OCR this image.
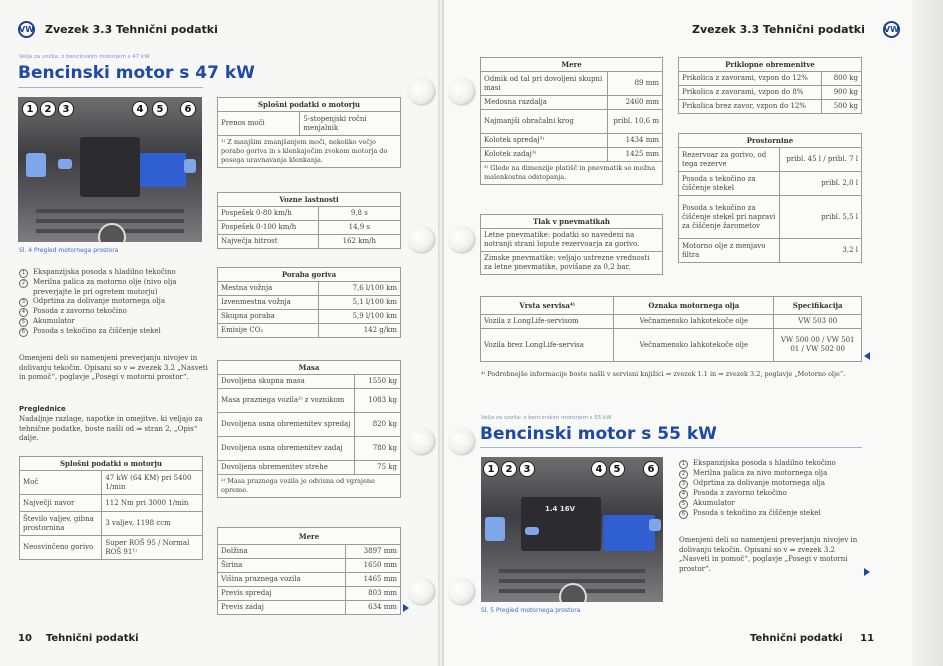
VW Zvezek 3.3 Tehnični podatki
Velja za vozila: z bencinskim motorjem s 47 kW
Bencinski motor s 47 kW
1	2	3	4	5	6
Sl. 4 Pregled motornega prostora
1	Ekspanzijska posoda s hladilno tekočino
2	Merilna palica za motorno olje (nivo olja preverjajte le pri ogretem motorju)
3	Odprtina za dolivanje motornega olja
4	Posoda z zavorno tekočino
5	Akumulator
6	Posoda s tekočino za čiščenje stekel
Omenjeni deli so namenjeni preverjanju nivojev in dolivanju tekočin. Opisani so v ⇒ zvezek 3.2 „Nasveti in pomoč“, poglavje „Posegi v motorni prostor“.
Preglednice
Nadaljnje razlage, napotke in omejitve, ki veljajo za tehnične podatke, boste našli od ⇒ stran 2, „Opis“ dalje.
Splošni podatki o motorju	
Moč	47 kW (64 KM) pri 5400 1/min
Največji navor	112 Nm pri 3000 1/min
Število valjev, gibna prostornina	3 valjev, 1198 ccm
Neosvinčeno gorivo	Super ROŠ 95 / Normal ROŠ 91¹⁾
Splošni podatki o motorju
Prenos moči	5-stopenjski ročni menjalnik
¹⁾ Z manjšim zmanjšanjem moči, nekoliko večjo porabo goriva in s klenkajočim zvokom motorja do posega uravnavanja klenkanja.
Vozne lastnosti	
Pospešek 0-80 km/h	9,8 s
Pospešek 0-100 km/h	14,9 s
Največja hitrost	162 km/h
Poraba goriva	
Mestna vožnja	7,6 l/100 km
Izvenmestna vožnja	5,1 l/100 km
Skupna poraba	5,9 l/100 km
Emisije CO₂	142 g/km
Masa	
Dovoljena skupna masa	1550 kg
Masa praznega vozila²⁾ z voznikom	1083 kg
Dovoljena osna obremenitev spredaj	820 kg
Dovoljena osna obremenitev zadaj	780 kg
Dovoljena obremenitev strehe	75 kg
²⁾ Masa praznega vozila je odvisna od vgrajene opreme.	
Mere	
Dolžina	3897 mm
Širina	1650 mm
Višina praznega vozila	1465 mm
Previs spredaj	803 mm
Previs zadaj	634 mm
10 Tehnični podatki
Zvezek 3.3 Tehnični podatki VW
Mere	
Odmik od tal pri dovoljeni skupni masi	89 mm
Medosna razdalja	2460 mm
Najmanjši obračalni krog	pribl. 10,6 m
Kolotek spredaj³⁾	1434 mm
Kolotek zadaj³⁾	1425 mm
³⁾ Glede na dimenzije platišč in pnevmatik so možna malenkostna odstopanja.	
Tlak v pnevmatikah
Letne pnevmatike: podatki so navedeni na notranji strani lopute rezervoarja za gorivo.
Zimske pnevmatike: veljajo ustrezne vrednosti za letne pnevmatike, povišane za 0,2 bar.
Priklopne obremenitve	
Prikolica z zavorami, vzpon do 12%	800 kg
Prikolica z zavorami, vzpon do 8%	900 kg
Prikolica brez zavor, vzpon do 12%	500 kg
Prostornine	
Rezervoar za gorivo, od tega rezerve	pribl. 45 l / pribl. 7 l
Posoda s tekočino za čiščenje stekel	pribl. 2,0 l
Posoda s tekočino za čiščenje stekel pri napravi za čiščenje žarometov	pribl. 5,5 l
Motorno olje z menjavo filtra	3,2 l
Vrsta servisa⁴⁾	Oznaka motornega olja	Specifikacija
Vozila z LongLife-servisom	Večnamensko lahkotekoče olje	VW 503 00
Vozila brez LongLife-servisa	Večnamensko lahkotekoče olje	VW 500 00 / VW 501 01 / VW 502 00
⁴⁾ Podrobnejše informacije boste našli v servisni knjižici ⇒ zvezek 1.1 in ⇒ zvezek 3.2, poglavje „Motorno olje“.
Velja za vozila: z bencinskim motorjem s 55 kW
Bencinski motor s 55 kW
1.4 16V
1	2	3	4	5	6
Sl. 5 Pregled motornega prostora
1	Ekspanzijska posoda s hladilno tekočino
2	Merilna palica za nivo motornega olja
3	Odprtina za dolivanje motornega olja
4	Posoda z zavorno tekočino
5	Akumulator
6	Posoda s tekočino za čiščenje stekel
Omenjeni deli so namenjeni preverjanju nivojev in dolivanju tekočin. Opisani so v ⇒ zvezek 3.2 „Nasveti in pomoč“, poglavje „Posegi v motorni prostor“.
Tehnični podatki 11
